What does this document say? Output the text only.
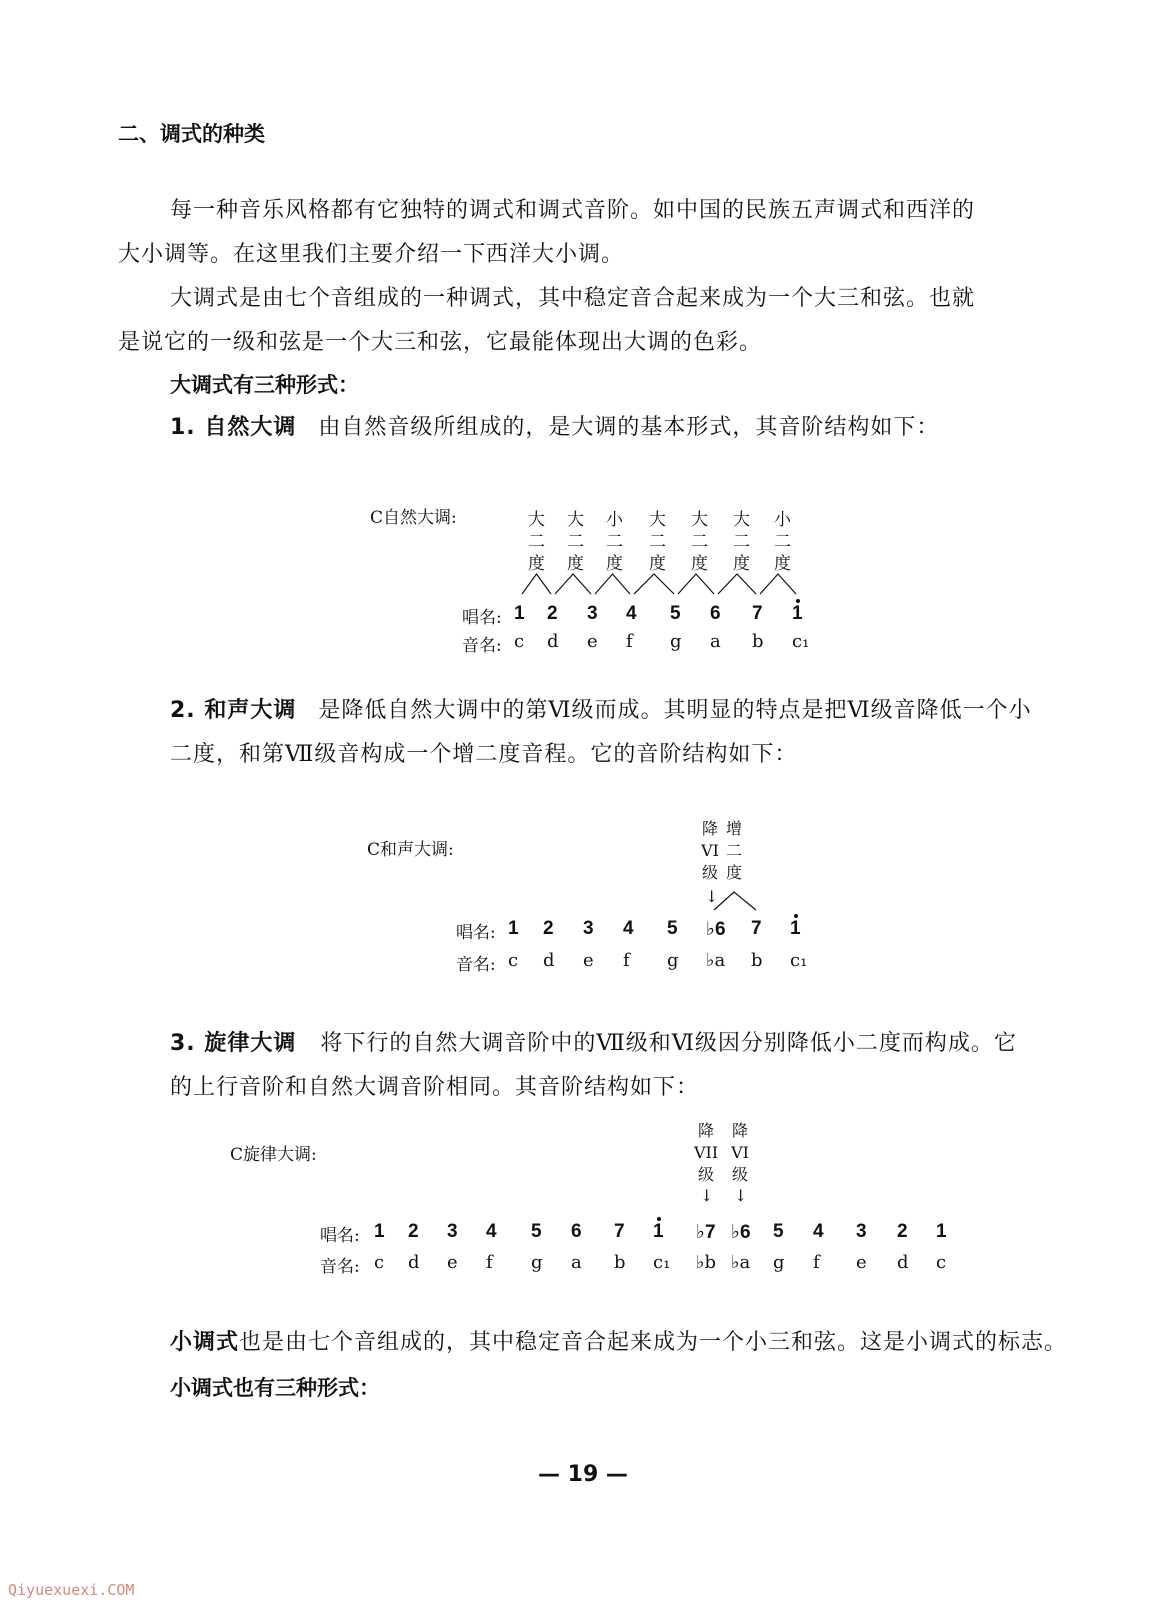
二、调式的种类
每一种音乐风格都有它独特的调式和调式音阶。如中国的民族五声调式和西洋的
大小调等。在这里我们主要介绍一下西洋大小调。
大调式是由七个音组成的一种调式，其中稳定音合起来成为一个大三和弦。也就
是说它的一级和弦是一个大三和弦，它最能体现出大调的色彩。
大调式有三种形式：
1. 自然大调 由自然音级所组成的，是大调的基本形式，其音阶结构如下：
C自然大调:
唱名:
音名:
2. 和声大调 是降低自然大调中的第Ⅵ级而成。其明显的特点是把Ⅵ级音降低一个小
二度，和第Ⅶ级音构成一个增二度音程。它的音阶结构如下：
C和声大调:
降
VI
级
增
二
度
↓
唱名:
音名:
3. 旋律大调 将下行的自然大调音阶中的Ⅶ级和Ⅵ级因分别降低小二度而构成。它
的上行音阶和自然大调音阶相同。其音阶结构如下：
C旋律大调:
降
VII
级
降
VI
级
↓ ↓
唱名:
音名:
小调式也是由七个音组成的，其中稳定音合起来成为一个小三和弦。这是小调式的标志。
小调式也有三种形式：
— 19 —
Qiyuexuexi.COM
1 2 3 4 5 6 7 1
c d e f g a b c₁
大
二
度
大
二
度
小
二
度
大
二
度
大
二
度
大
二
度
小
二
度
1 2 3 4 5 ♭6 7 1
c d e f g ♭a b c₁
1 2 3 4 5 6 7 1 ♭7 ♭6 5 4 3 2 1
c d e f g a b c₁ ♭b ♭a g f e d c
